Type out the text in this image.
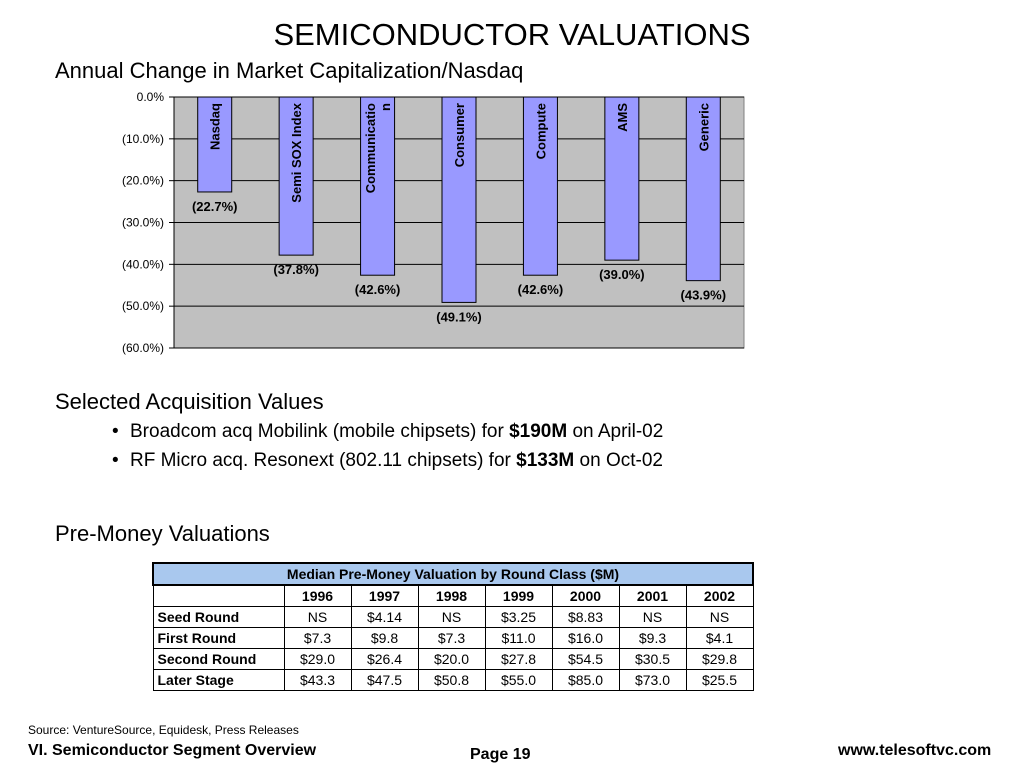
SEMICONDUCTOR VALUATIONS
Annual Change in Market Capitalization/Nasdaq
0.0%
(10.0%)
(20.0%)
(30.0%)
(40.0%)
(50.0%)
(60.0%)
Nasdaq
(22.7%)
Semi SOX Index
(37.8%)
Communicatio n
(42.6%)
Consumer
(49.1%)
Compute
(42.6%)
AMS
(39.0%)
Generic
(43.9%)
Selected Acquisition Values
• Broadcom acq Mobilink (mobile chipsets) for $190M on April-02
• RF Micro acq. Resonext (802.11 chipsets) for $133M on Oct-02
Pre-Money Valuations
Median Pre-Money Valuation by Round Class ($M)							
	1996	1997	1998	1999	2000	2001	2002
Seed Round	NS	$4.14	NS	$3.25	$8.83	NS	NS
First Round	$7.3	$9.8	$7.3	$11.0	$16.0	$9.3	$4.1
Second Round	$29.0	$26.4	$20.0	$27.8	$54.5	$30.5	$29.8
Later Stage	$43.3	$47.5	$50.8	$55.0	$85.0	$73.0	$25.5
Source: VentureSource, Equidesk, Press Releases
VI. Semiconductor Segment Overview	Page 19	www.telesoftvc.com
